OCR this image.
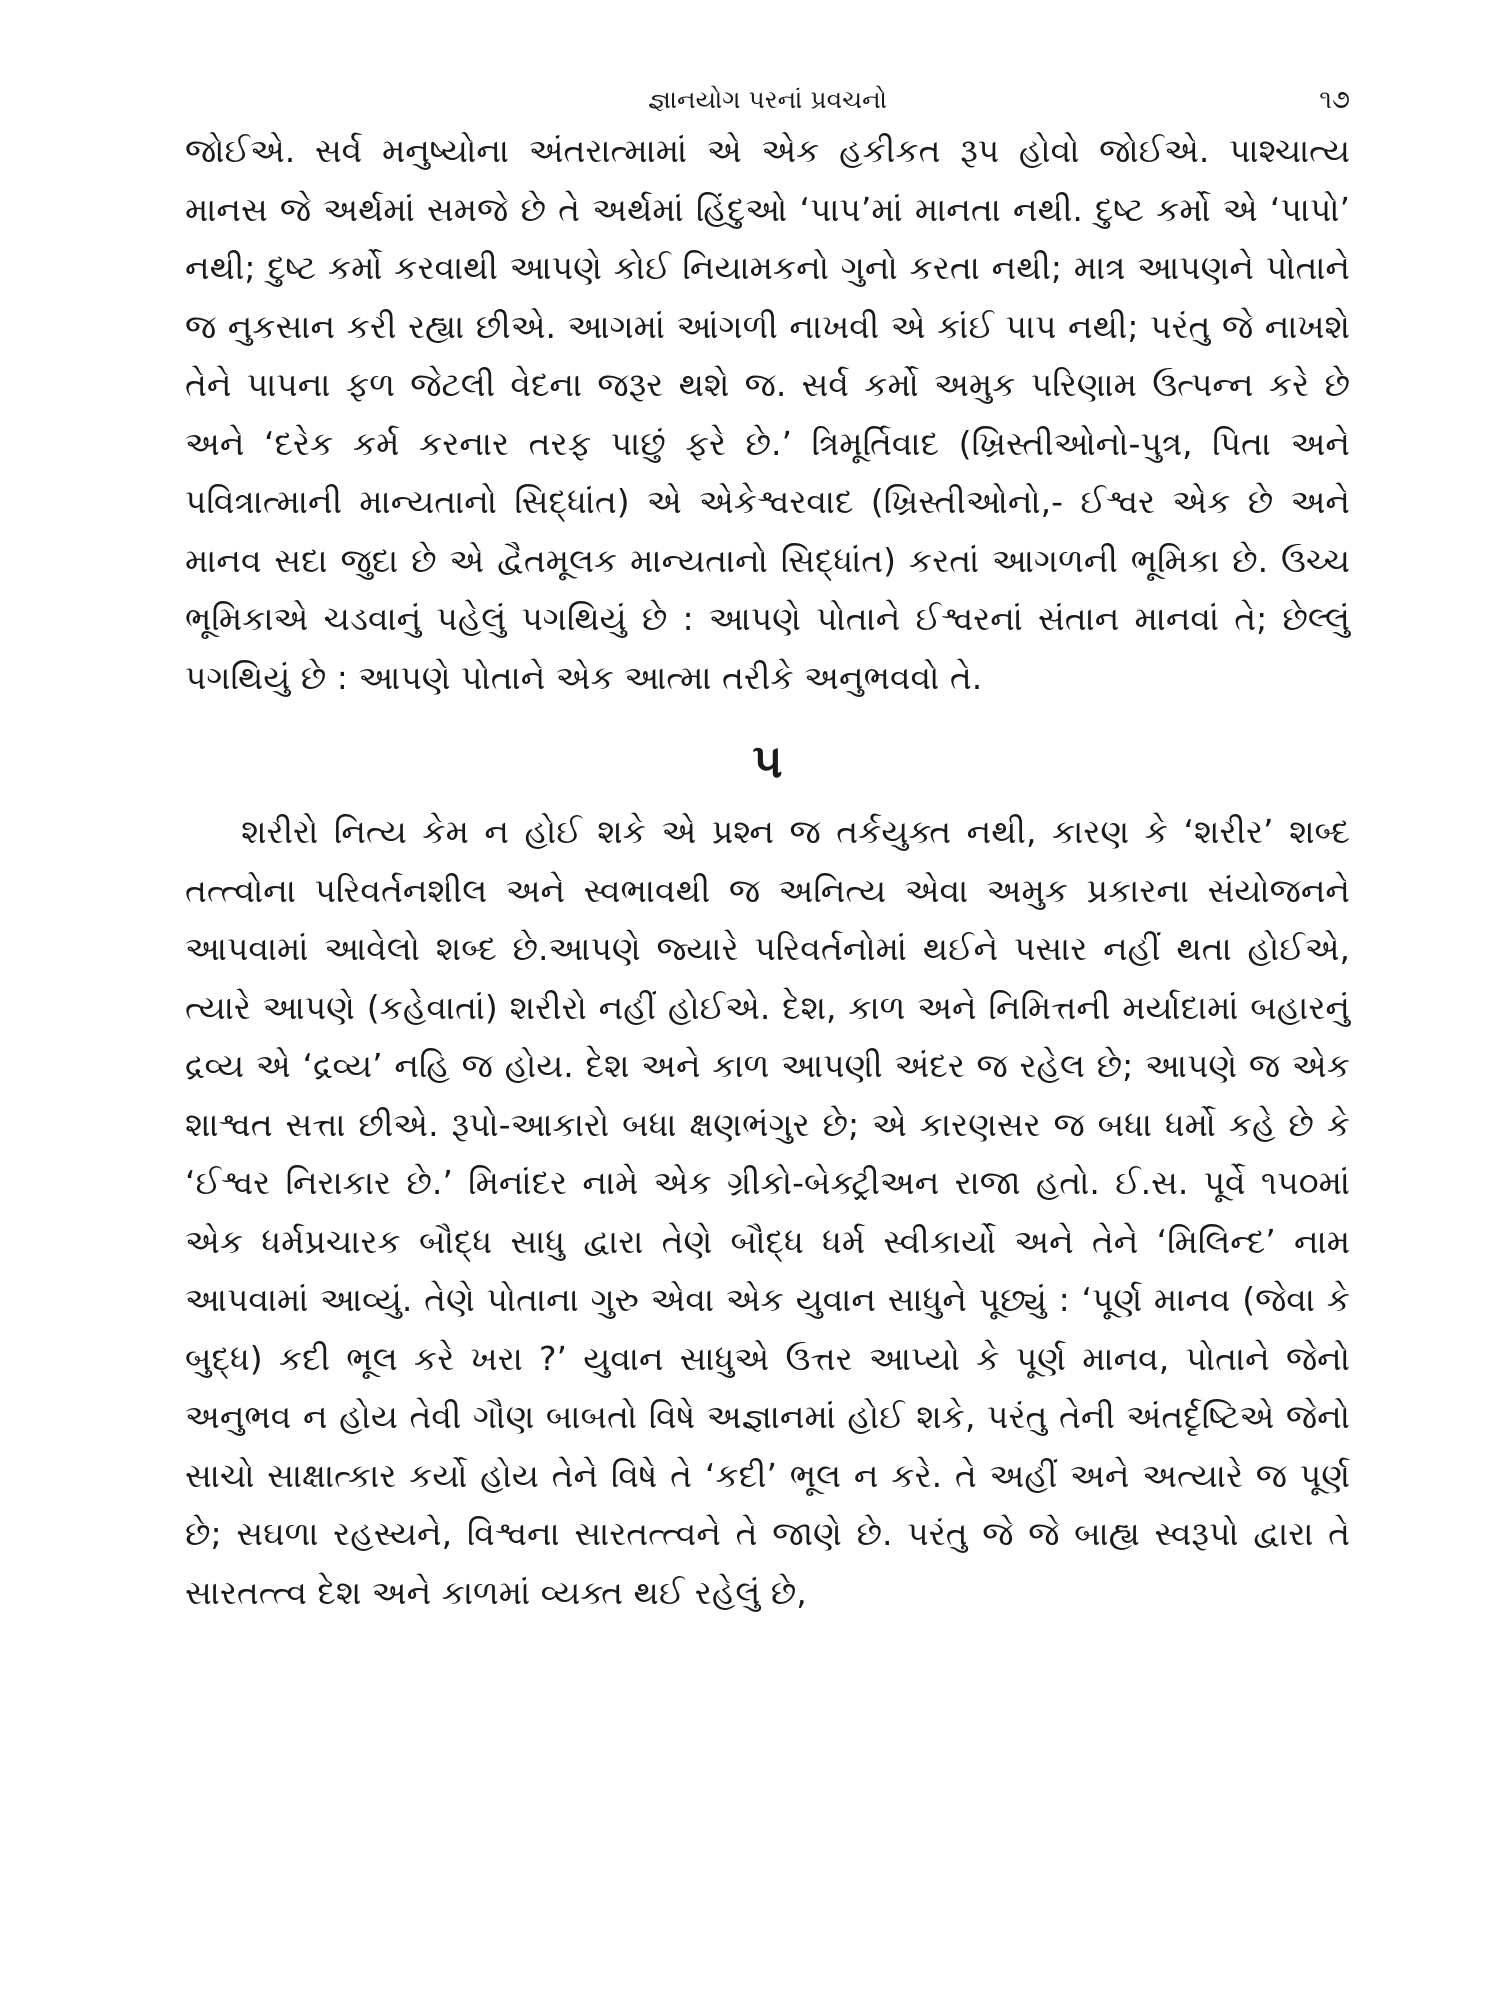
જ્ઞાનયોગ પરનાં પ્રવચનો	૧૭

જોઈએ. સર્વ મનુષ્યોના અંતરાત્મામાં એ એક હકીકત રૂપ હોવો જોઈએ. પાશ્ચાત્ય માનસ જે અર્થમાં સમજે છે તે અર્થમાં હિંદુઓ ‘પાપ’માં માનતા નથી. દુષ્ટ કર્મો એ ‘પાપો’ નથી; દુષ્ટ કર્મો કરવાથી આપણે કોઈ નિયામકનો ગુનો કરતા નથી; માત્ર આપણને પોતાને જ નુકસાન કરી રહ્યા છીએ. આગમાં આંગળી નાખવી એ કાંઈ પાપ નથી; પરંતુ જે નાખશે તેને પાપના ફળ જેટલી વેદના જરૂર થશે જ. સર્વ કર્મો અમુક પરિણામ ઉત્પન્ન કરે છે અને ‘દરેક કર્મ કરનાર તરફ પાછું ફરે છે.’ ત્રિમૂર્તિવાદ (ખ્રિસ્તીઓનો-પુત્ર, પિતા અને પવિત્રાત્માની માન્યતાનો સિદ્ધાંત) એ એકેશ્વરવાદ (ખ્રિસ્તીઓનો,- ઈશ્વર એક છે અને માનવ સદા જુદા છે એ દ્વૈતમૂલક માન્યતાનો સિદ્ધાંત) કરતાં આગળની ભૂમિકા છે. ઉચ્ચ ભૂમિકાએ ચડવાનું પહેલું પગથિયું છે : આપણે પોતાને ઈશ્વરનાં સંતાન માનવાં તે; છેલ્લું પગથિયું છે : આપણે પોતાને એક આત્મા તરીકે અનુભવવો તે.

૫

શરીરો નિત્ય કેમ ન હોઈ શકે એ પ્રશ્ન જ તર્કયુક્ત નથી, કારણ કે ‘શરીર’ શબ્દ તત્ત્વોના પરિવર્તનશીલ અને સ્વભાવથી જ અનિત્ય એવા અમુક પ્રકારના સંયોજનને આપવામાં આવેલો શબ્દ છે.આપણે જ્યારે પરિવર્તનોમાં થઈને પસાર નહીં થતા હોઈએ, ત્યારે આપણે (કહેવાતાં) શરીરો નહીં હોઈએ. દેશ, કાળ અને નિમિત્તની મર્યાદામાં બહારનું દ્રવ્ય એ ‘દ્રવ્ય’ નહિ જ હોય. દેશ અને કાળ આપણી અંદર જ રહેલ છે; આપણે જ એક શાશ્વત સત્તા છીએ. રૂપો-આકારો બધા ક્ષણભંગુર છે; એ કારણસર જ બધા ધર્મો કહે છે કે ‘ઈશ્વર નિરાકાર છે.’ મિનાંદર નામે એક ગ્રીકો-બેક્ટ્રીઅન રાજા હતો. ઈ.સ. પૂર્વે ૧૫૦માં એક ધર્મપ્રચારક બૌદ્ધ સાધુ દ્વારા તેણે બૌદ્ધ ધર્મ સ્વીકાર્યો અને તેને ‘મિલિન્દ’ નામ આપવામાં આવ્યું. તેણે પોતાના ગુરુ એવા એક યુવાન સાધુને પૂછ્યું : ‘પૂર્ણ માનવ (જેવા કે બુદ્ધ) કદી ભૂલ કરે ખરા ?’ યુવાન સાધુએ ઉત્તર આપ્યો કે પૂર્ણ માનવ, પોતાને જેનો અનુભવ ન હોય તેવી ગૌણ બાબતો વિષે અજ્ઞાનમાં હોઈ શકે, પરંતુ તેની અંતર્દૃષ્ટિએ જેનો સાચો સાક્ષાત્કાર કર્યો હોય તેને વિષે તે ‘કદી’ ભૂલ ન કરે. તે અહીં અને અત્યારે જ પૂર્ણ છે; સઘળા રહસ્યને, વિશ્વના સારતત્ત્વને તે જાણે છે. પરંતુ જે જે બાહ્ય સ્વરૂપો દ્વારા તે સારતત્ત્વ દેશ અને કાળમાં વ્યક્ત થઈ રહેલું છે,
